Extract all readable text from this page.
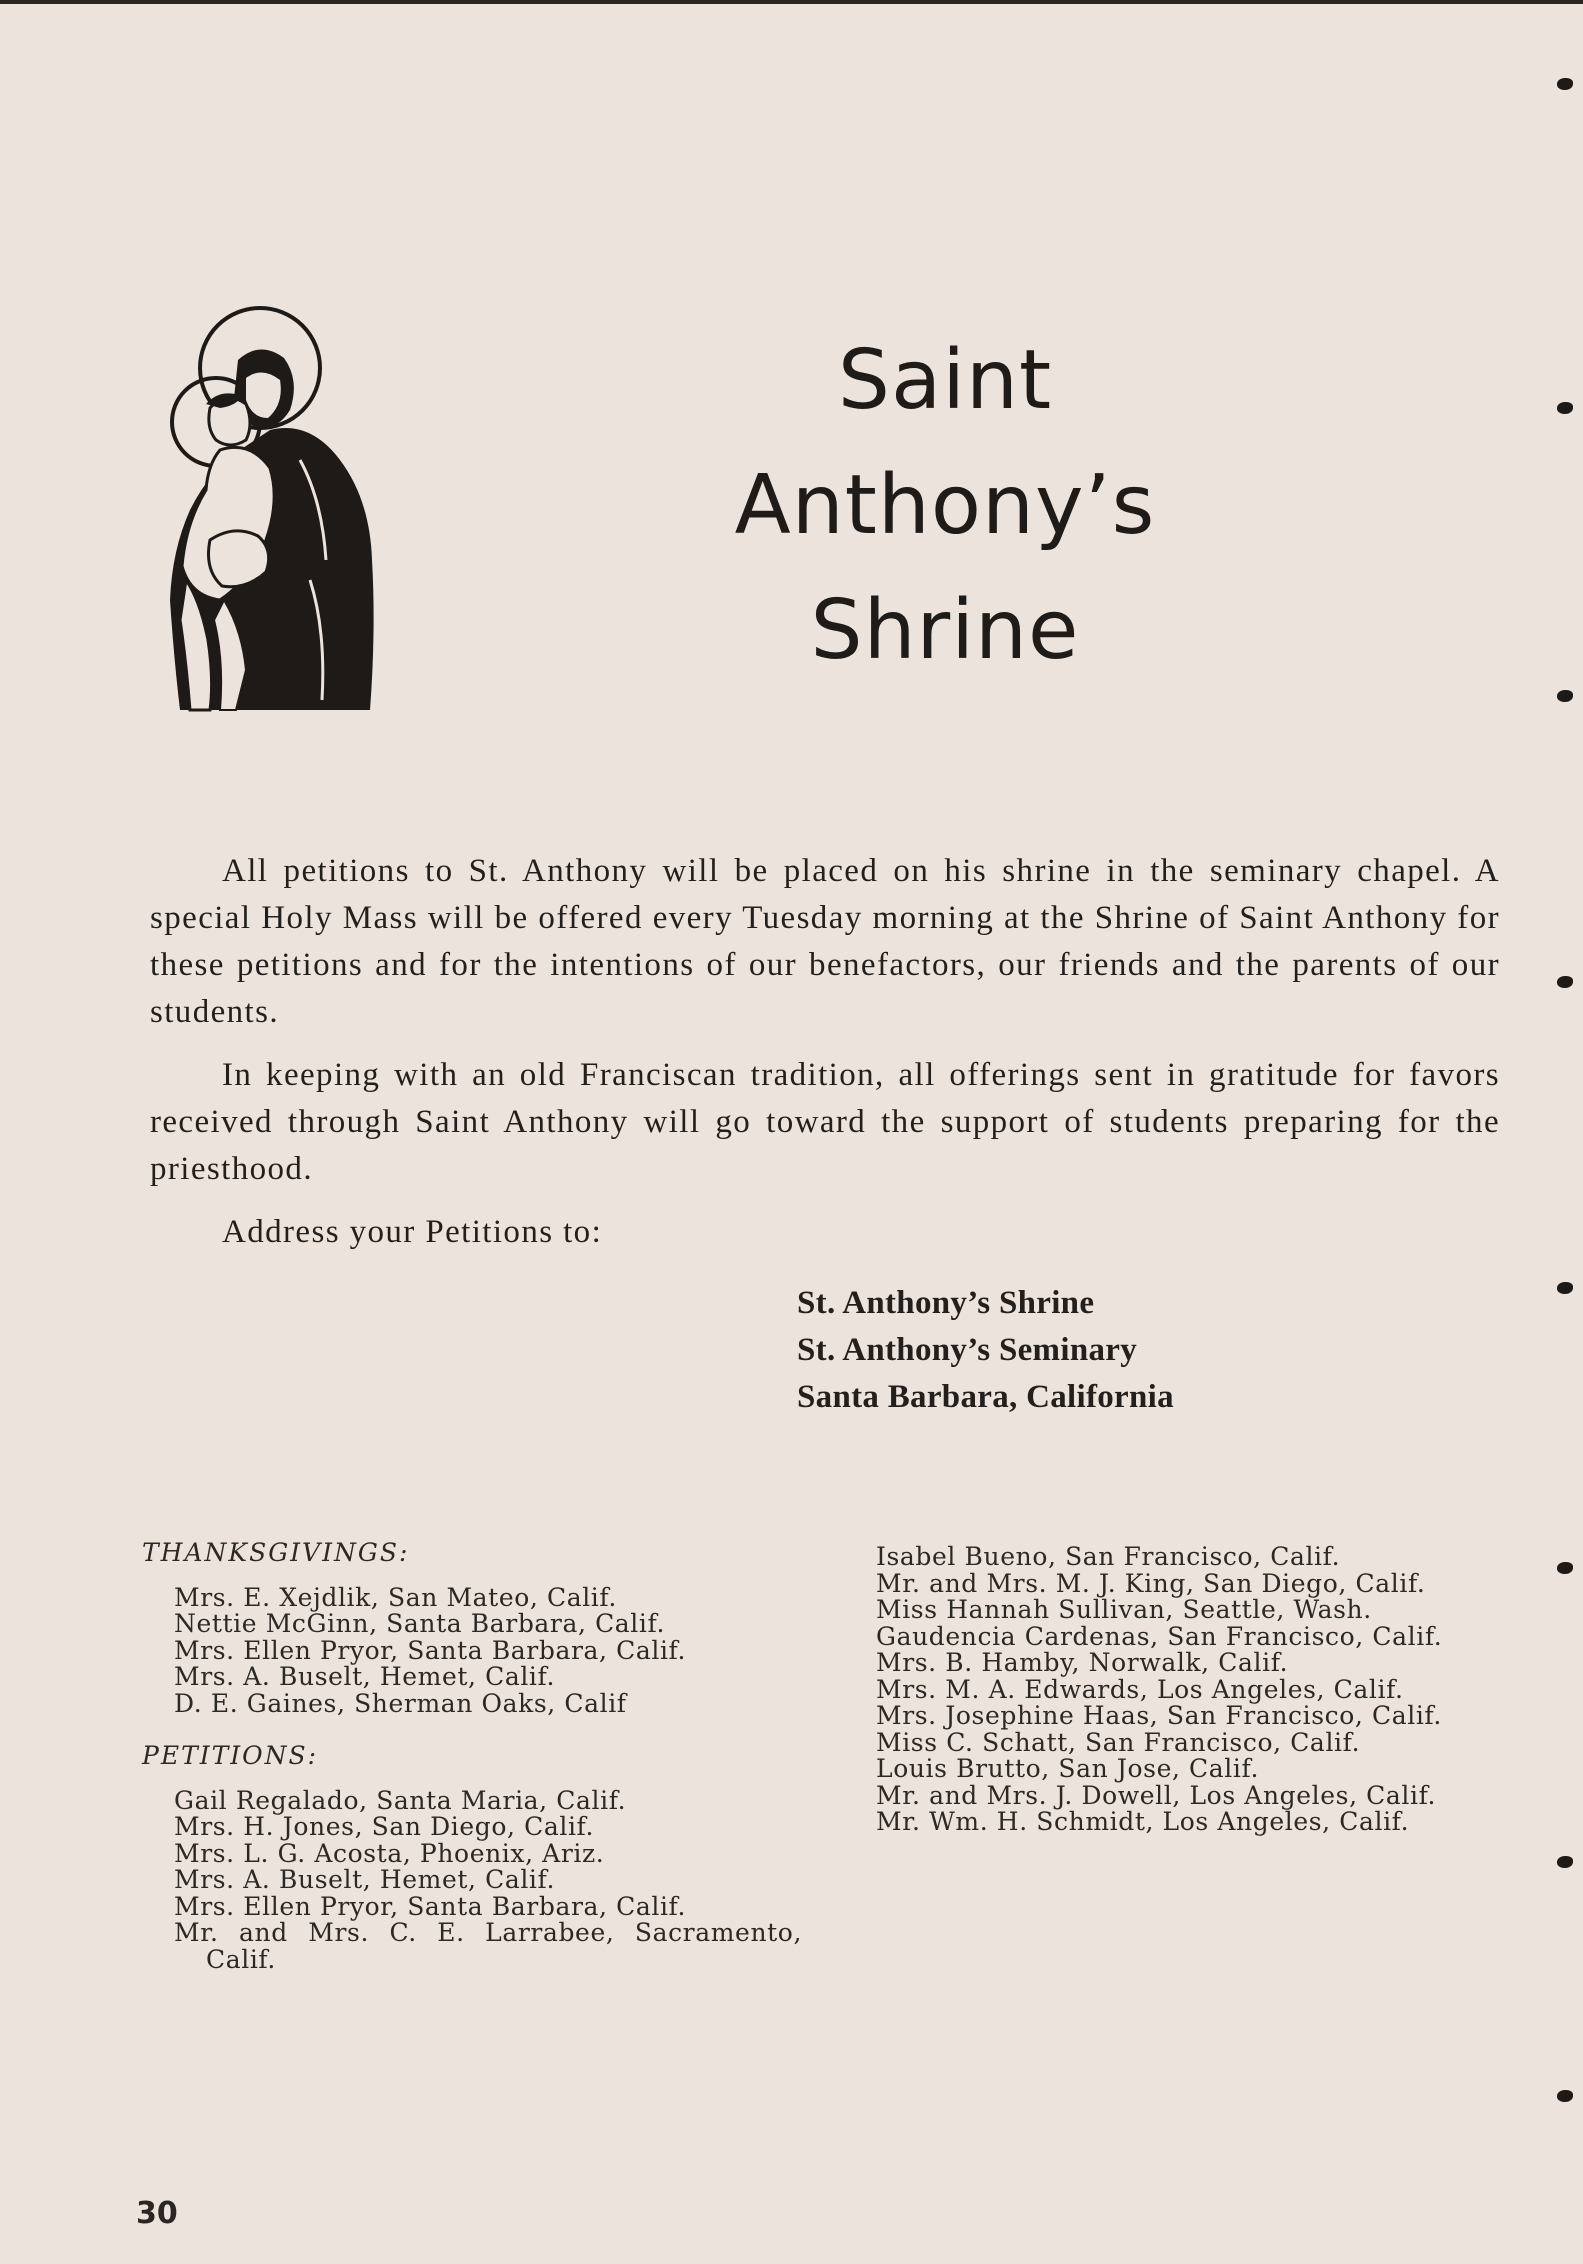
Saint
Anthony’s
Shrine

All petitions to St. Anthony will be placed on his shrine in the seminary chapel. A special Holy Mass will be offered every Tuesday morning at the Shrine of Saint Anthony for these petitions and for the intentions of our benefactors, our friends and the parents of our students.

In keeping with an old Franciscan tradition, all offerings sent in gratitude for favors received through Saint Anthony will go toward the support of students preparing for the priesthood.

Address your Petitions to:
St. Anthony’s Shrine
St. Anthony’s Seminary
Santa Barbara, California
THANKSGIVINGS:
Mrs. E. Xejdlik, San Mateo, Calif.
Nettie McGinn, Santa Barbara, Calif.
Mrs. Ellen Pryor, Santa Barbara, Calif.
Mrs. A. Buselt, Hemet, Calif.
D. E. Gaines, Sherman Oaks, Calif
PETITIONS:
Gail Regalado, Santa Maria, Calif.
Mrs. H. Jones, San Diego, Calif.
Mrs. L. G. Acosta, Phoenix, Ariz.
Mrs. A. Buselt, Hemet, Calif.
Mrs. Ellen Pryor, Santa Barbara, Calif.
Mr. and Mrs. C. E. Larrabee, Sacramento, Calif.
Isabel Bueno, San Francisco, Calif.
Mr. and Mrs. M. J. King, San Diego, Calif.
Miss Hannah Sullivan, Seattle, Wash.
Gaudencia Cardenas, San Francisco, Calif.
Mrs. B. Hamby, Norwalk, Calif.
Mrs. M. A. Edwards, Los Angeles, Calif.
Mrs. Josephine Haas, San Francisco, Calif.
Miss C. Schatt, San Francisco, Calif.
Louis Brutto, San Jose, Calif.
Mr. and Mrs. J. Dowell, Los Angeles, Calif.
Mr. Wm. H. Schmidt, Los Angeles, Calif.
30
